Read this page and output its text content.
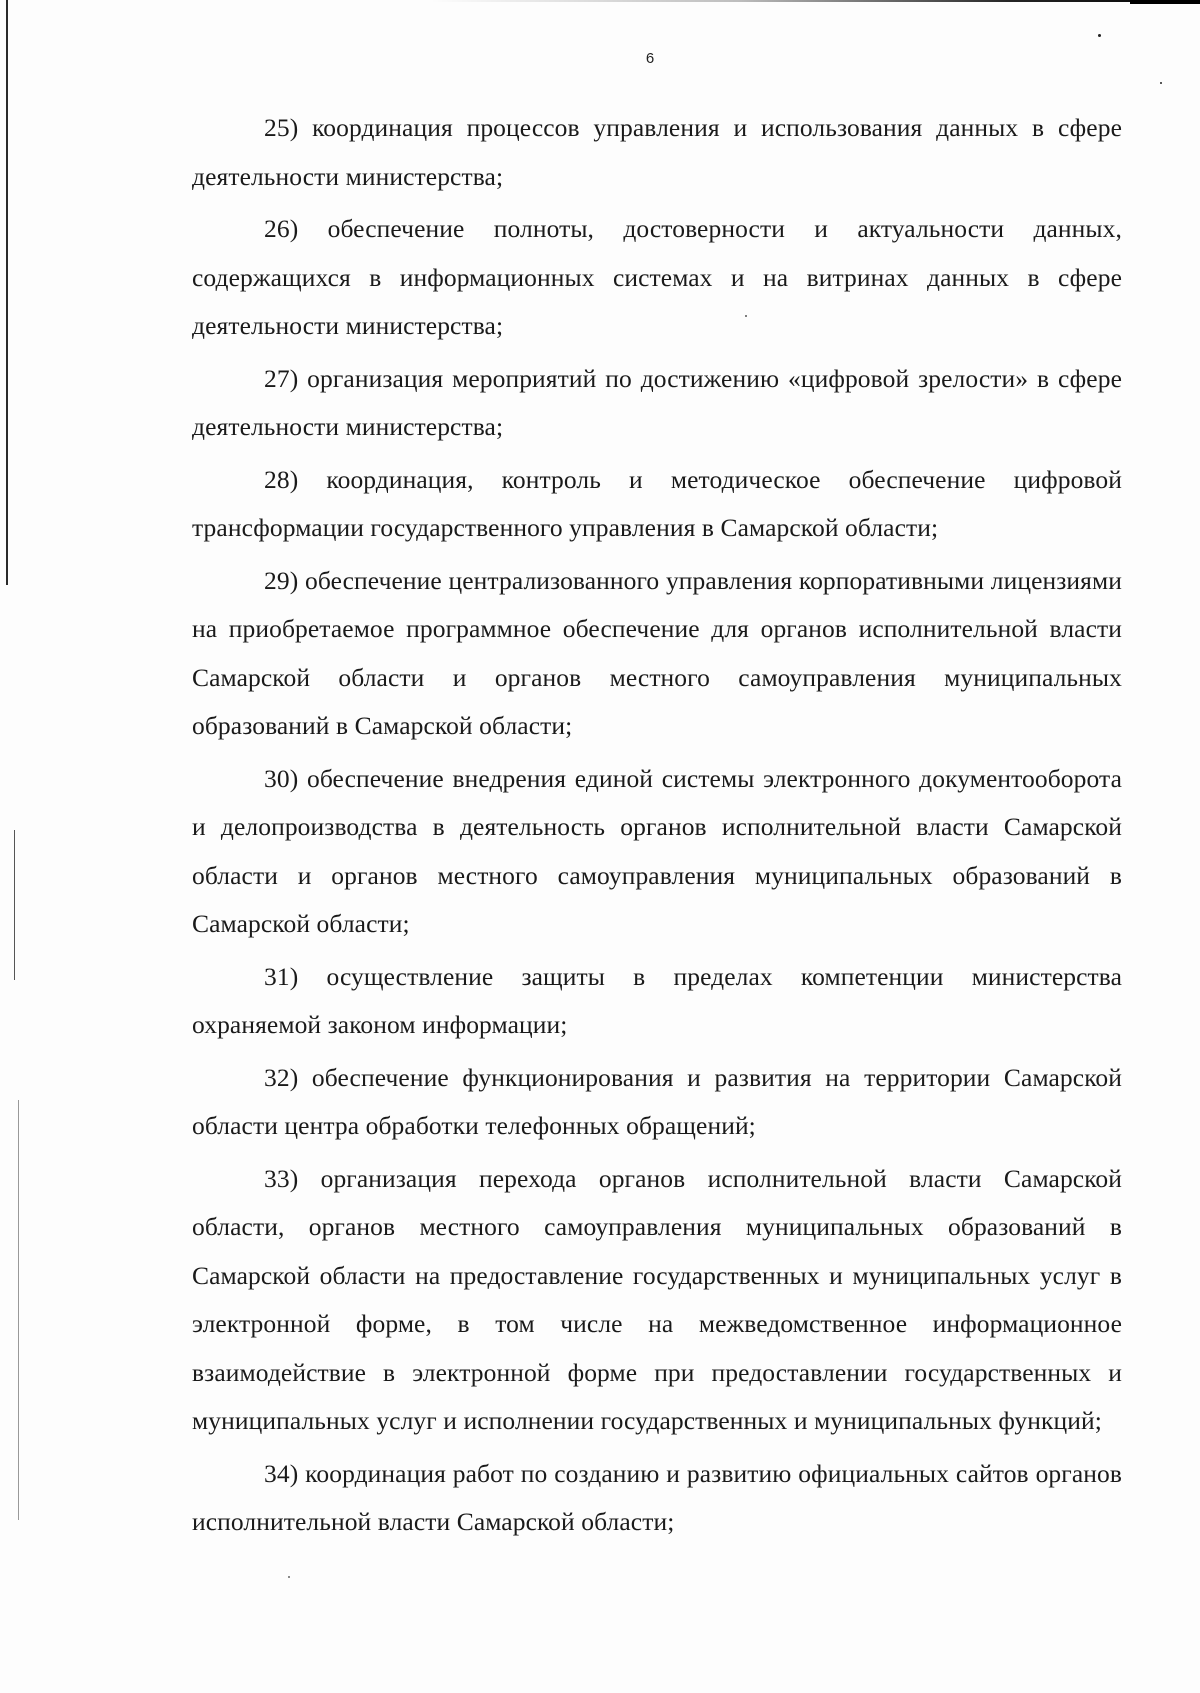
6

25) координация процессов управления и использования данных в сфере деятельности министерства;

26) обеспечение полноты, достоверности и актуальности данных, содержащихся в информационных системах и на витринах данных в сфере деятельности министерства;

27) организация мероприятий по достижению «цифровой зрелости» в сфере деятельности министерства;

28) координация, контроль и методическое обеспечение цифровой трансформации государственного управления в Самарской области;

29) обеспечение централизованного управления корпоративными лицензиями на приобретаемое программное обеспечение для органов исполнительной власти Самарской области и органов местного самоуправления муниципальных образований в Самарской области;

30) обеспечение внедрения единой системы электронного документооборота и делопроизводства в деятельность органов исполнительной власти Самарской области и органов местного самоуправления муниципальных образований в Самарской области;

31) осуществление защиты в пределах компетенции министерства охраняемой законом информации;

32) обеспечение функционирования и развития на территории Самарской области центра обработки телефонных обращений;

33) организация перехода органов исполнительной власти Самарской области, органов местного самоуправления муниципальных образований в Самарской области на предоставление государственных и муниципальных услуг в электронной форме, в том числе на межведомственное информационное взаимодействие в электронной форме при предоставлении государственных и муниципальных услуг и исполнении государственных и муниципальных функций;

34) координация работ по созданию и развитию официальных сайтов органов исполнительной власти Самарской области;
